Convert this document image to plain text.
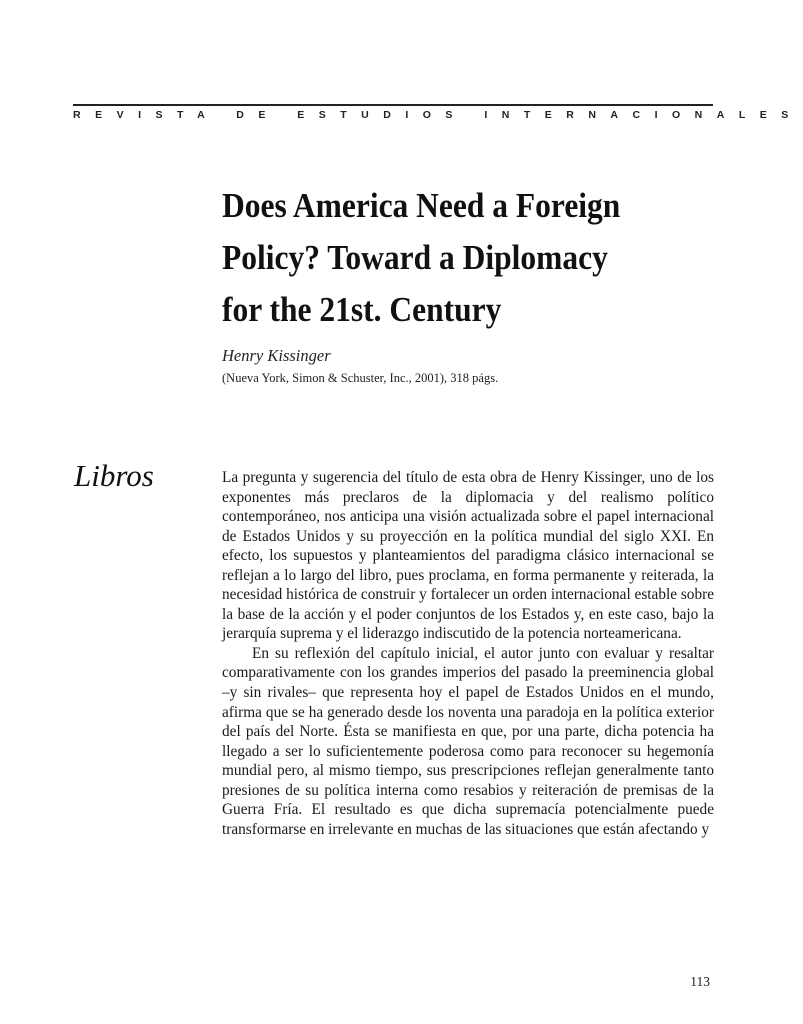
REVISTA DE ESTUDIOS INTERNACIONALES
Does America Need a Foreign Policy? Toward a Diplomacy for the 21st. Century
Henry Kissinger
(Nueva York, Simon & Schuster, Inc., 2001), 318 págs.
Libros	La pregunta y sugerencia del título de esta obra de Henry Kissinger, uno de los exponentes más preclaros de la diplomacia y del realismo político contemporáneo, nos anticipa una visión actualizada sobre el papel internacional de Estados Unidos y su proyección en la política mundial del siglo XXI. En efecto, los supuestos y planteamientos del paradigma clásico internacional se reflejan a lo largo del libro, pues proclama, en forma permanente y reiterada, la necesidad histórica de construir y fortalecer un orden internacional estable sobre la base de la acción y el poder conjuntos de los Estados y, en este caso, bajo la jerarquía suprema y el liderazgo indiscutido de la potencia norteamericana.

En su reflexión del capítulo inicial, el autor junto con evaluar y resaltar comparativamente con los grandes imperios del pasado la preeminencia global –y sin rivales– que representa hoy el papel de Estados Unidos en el mundo, afirma que se ha generado desde los noventa una paradoja en la política exterior del país del Norte. Ésta se manifiesta en que, por una parte, dicha potencia ha llegado a ser lo suficientemente poderosa como para reconocer su hegemonía mundial pero, al mismo tiempo, sus prescripciones reflejan generalmente tanto presiones de su política interna como resabios y reiteración de premisas de la Guerra Fría. El resultado es que dicha supremacía potencialmente puede transformarse en irrelevante en muchas de las situaciones que están afectando y

113
